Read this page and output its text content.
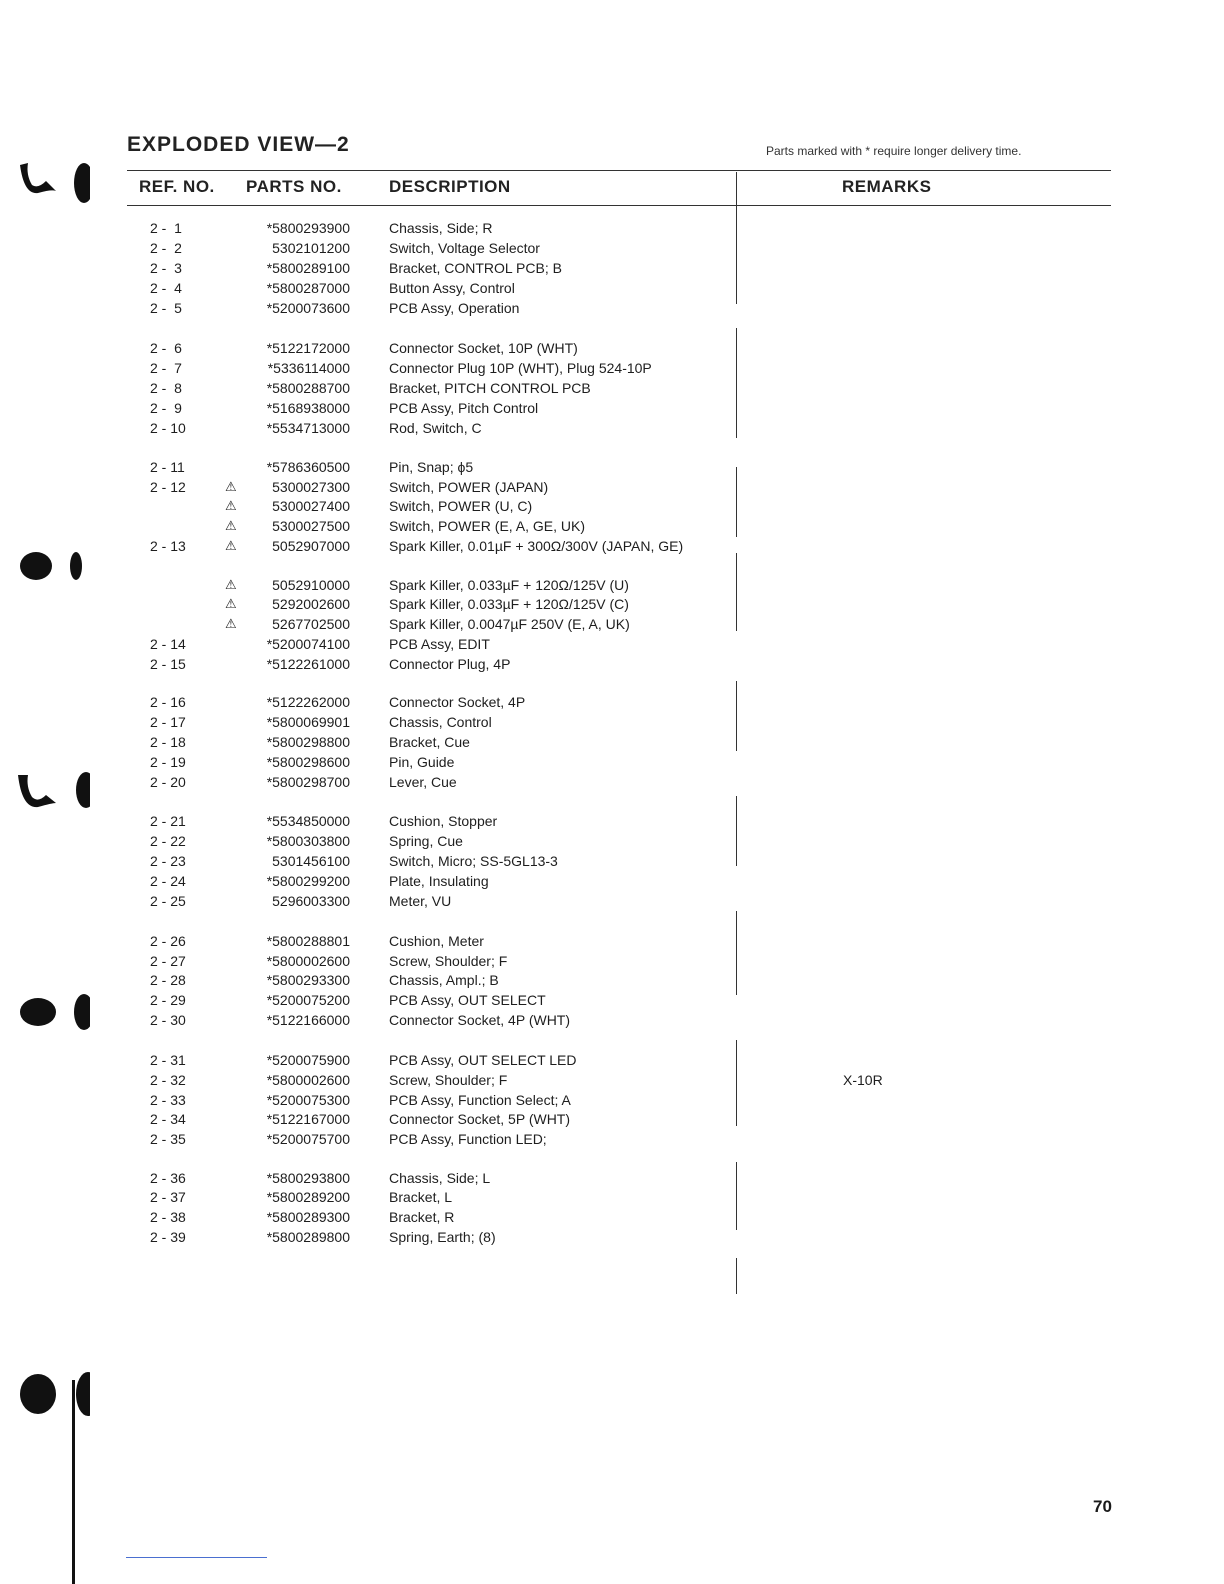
EXPLODED VIEW—2	Parts marked with * require longer delivery time.
REF. NO. PARTS NO.	DESCRIPTION	REMARKS
2 -  1	*5800293900	Chassis, Side; R
2 -  2	5302101200	Switch, Voltage Selector
2 -  3	*5800289100	Bracket, CONTROL PCB; B
2 -  4	*5800287000	Button Assy, Control
2 -  5	*5200073600	PCB Assy, Operation
2 -  6	*5122172000	Connector Socket, 10P (WHT)
2 -  7	*5336114000	Connector Plug 10P (WHT), Plug 524-10P
2 -  8	*5800288700	Bracket, PITCH CONTROL PCB
2 -  9	*5168938000	PCB Assy, Pitch Control
2 - 10	*5534713000	Rod, Switch, C
2 - 11	*5786360500	Pin, Snap; ϕ5
2 - 12	⚠	5300027300	Switch, POWER (JAPAN)
⚠	5300027400	Switch, POWER (U, C)
⚠	5300027500	Switch, POWER (E, A, GE, UK)
2 - 13	⚠	5052907000	Spark Killer, 0.01µF + 300Ω/300V (JAPAN, GE)
⚠	5052910000	Spark Killer, 0.033µF + 120Ω/125V (U)
⚠	5292002600	Spark Killer, 0.033µF + 120Ω/125V (C)
⚠	5267702500	Spark Killer, 0.0047µF 250V (E, A, UK)
2 - 14	*5200074100	PCB Assy, EDIT
2 - 15	*5122261000	Connector Plug, 4P
2 - 16	*5122262000	Connector Socket, 4P
2 - 17	*5800069901	Chassis, Control
2 - 18	*5800298800	Bracket, Cue
2 - 19	*5800298600	Pin, Guide
2 - 20	*5800298700	Lever, Cue
2 - 21	*5534850000	Cushion, Stopper
2 - 22	*5800303800	Spring, Cue
2 - 23	5301456100	Switch, Micro; SS-5GL13-3
2 - 24	*5800299200	Plate, Insulating
2 - 25	5296003300	Meter, VU
2 - 26	*5800288801	Cushion, Meter
2 - 27	*5800002600	Screw, Shoulder; F
2 - 28	*5800293300	Chassis, Ampl.; B
2 - 29	*5200075200	PCB Assy, OUT SELECT
2 - 30	*5122166000	Connector Socket, 4P (WHT)
2 - 31	*5200075900	PCB Assy, OUT SELECT LED
2 - 32	*5800002600	Screw, Shoulder; F	X-10R
2 - 33	*5200075300	PCB Assy, Function Select; A
2 - 34	*5122167000	Connector Socket, 5P (WHT)
2 - 35	*5200075700	PCB Assy, Function LED;
2 - 36	*5800293800	Chassis, Side; L
2 - 37	*5800289200	Bracket, L
2 - 38	*5800289300	Bracket, R
2 - 39	*5800289800	Spring, Earth; (8)
70
